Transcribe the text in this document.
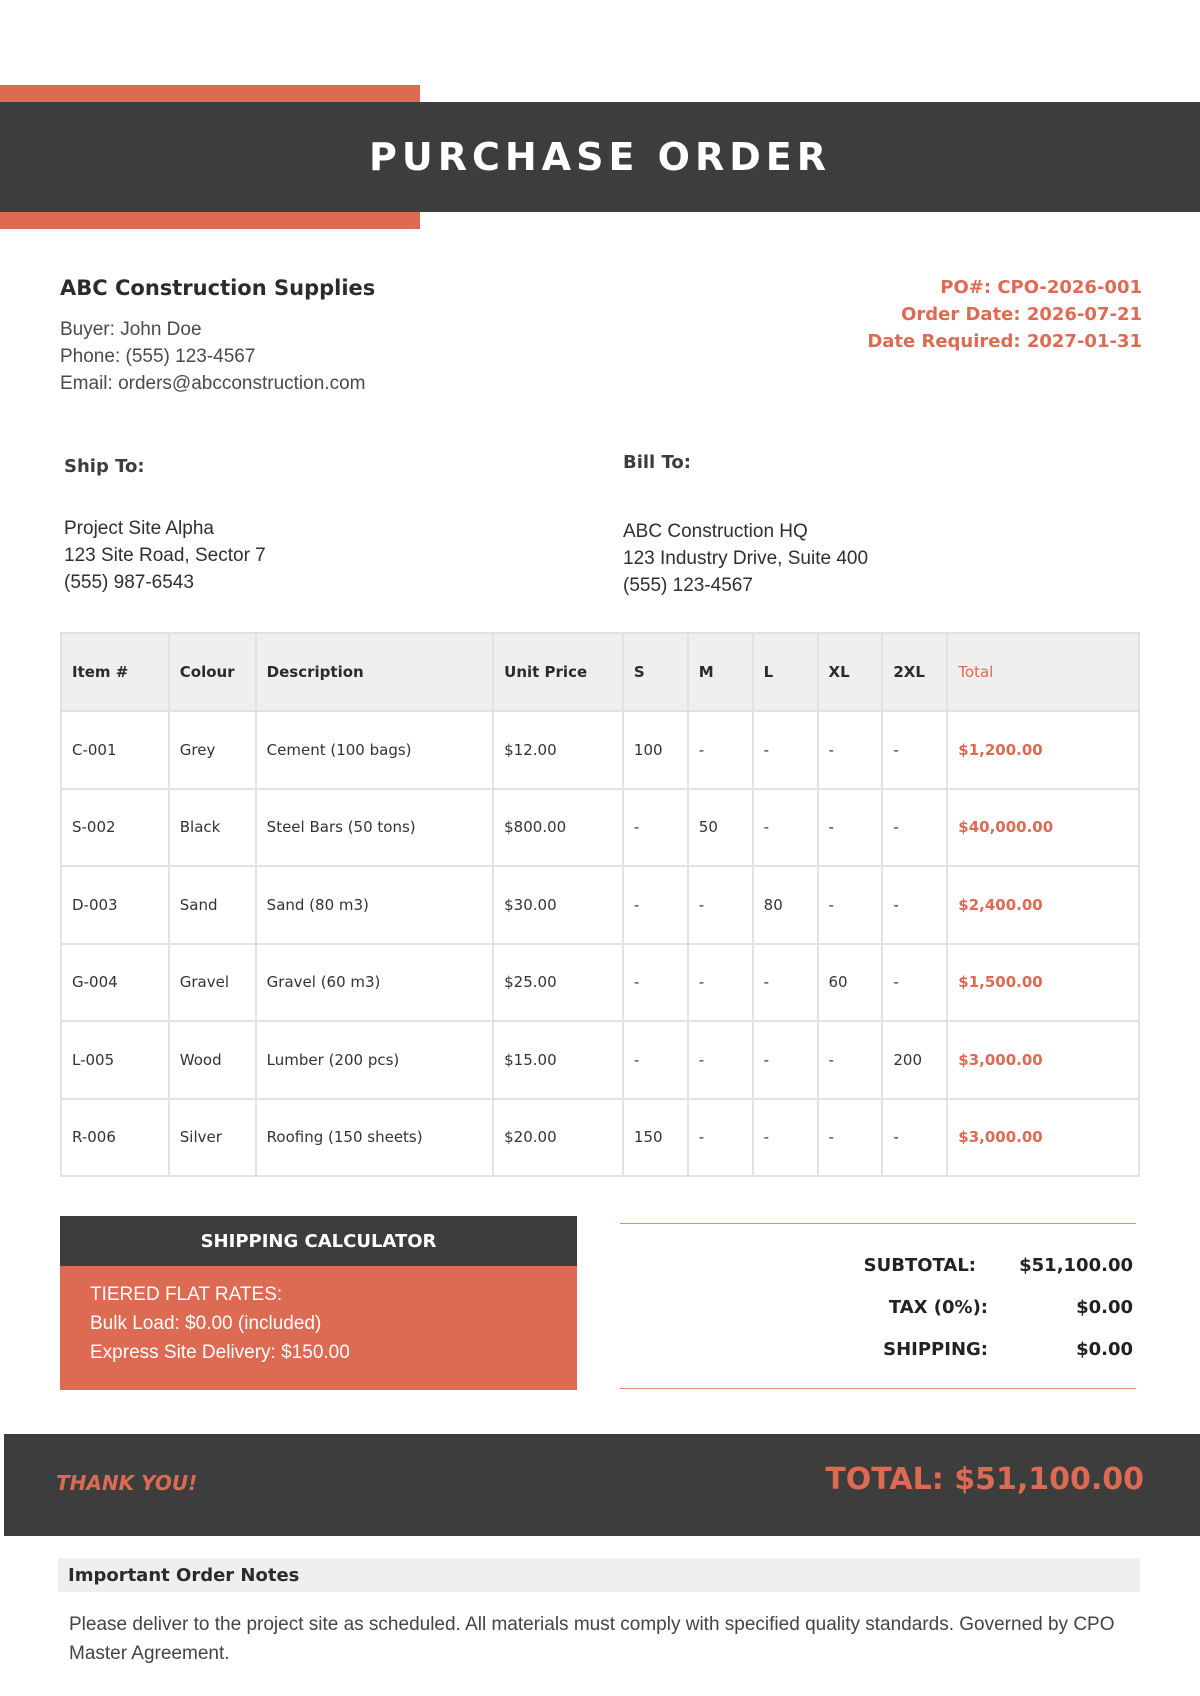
PURCHASE ORDER
ABC Construction Supplies
Buyer: John Doe
Phone: (555) 123-4567
Email: orders@abcconstruction.com
PO#: CPO-2026-001
Order Date: 2026-07-21
Date Required: 2027-01-31
Ship To:
Project Site Alpha
123 Site Road, Sector 7
(555) 987-6543
Bill To:
ABC Construction HQ
123 Industry Drive, Suite 400
(555) 123-4567
Item #	Colour	Description	Unit Price	S	M	L	XL	2XL	Total
C-001	Grey	Cement (100 bags)	$12.00	100	-	-	-	-	$1,200.00
S-002	Black	Steel Bars (50 tons)	$800.00	-	50	-	-	-	$40,000.00
D-003	Sand	Sand (80 m3)	$30.00	-	-	80	-	-	$2,400.00
G-004	Gravel	Gravel (60 m3)	$25.00	-	-	-	60	-	$1,500.00
L-005	Wood	Lumber (200 pcs)	$15.00	-	-	-	-	200	$3,000.00
R-006	Silver	Roofing (150 sheets)	$20.00	150	-	-	-	-	$3,000.00
SHIPPING CALCULATOR
TIERED FLAT RATES:
Bulk Load: $0.00 (included)
Express Site Delivery: $150.00
SUBTOTAL: $51,100.00
TAX (0%):	$0.00
SHIPPING:	$0.00
THANK YOU!	TOTAL: $51,100.00
Important Order Notes
Please deliver to the project site as scheduled. All materials must comply with specified quality standards. Governed by CPO Master Agreement.
